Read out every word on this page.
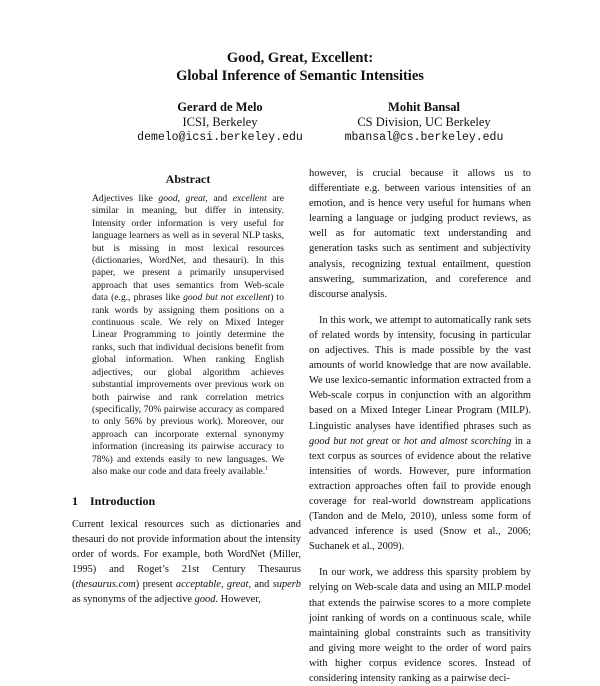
Good, Great, Excellent:
Global Inference of Semantic Intensities
Gerard de Melo
ICSI, Berkeley
demelo@icsi.berkeley.edu
Mohit Bansal
CS Division, UC Berkeley
mbansal@cs.berkeley.edu
Abstract
Adjectives like good, great, and excellent are similar in meaning, but differ in intensity. Intensity order information is very useful for language learners as well as in several NLP tasks, but is missing in most lexical resources (dictionaries, WordNet, and thesauri). In this paper, we present a primarily unsupervised approach that uses semantics from Web-scale data (e.g., phrases like good but not excellent) to rank words by assigning them positions on a continuous scale. We rely on Mixed Integer Linear Programming to jointly determine the ranks, such that individual decisions benefit from global information. When ranking English adjectives, our global algorithm achieves substantial improvements over previous work on both pairwise and rank correlation metrics (specifically, 70% pairwise accuracy as compared to only 56% by previous work). Moreover, our approach can incorporate external synonymy information (increasing its pairwise accuracy to 78%) and extends easily to new languages. We also make our code and data freely available.$^1$
1 Introduction
Current lexical resources such as dictionaries and thesauri do not provide information about the intensity order of words. For example, both WordNet (Miller, 1995) and Roget’s 21st Century Thesaurus (thesaurus.com) present acceptable, great, and superb as synonyms of the adjective good. However,

however, is crucial because it allows us to differentiate e.g. between various intensities of an emotion, and is hence very useful for humans when learning a language or judging product reviews, as well as for automatic text understanding and generation tasks such as sentiment and subjectivity analysis, recognizing textual entailment, question answering, summarization, and coreference and discourse analysis.

In this work, we attempt to automatically rank sets of related words by intensity, focusing in particular on adjectives. This is made possible by the vast amounts of world knowledge that are now available. We use lexico-semantic information extracted from a Web-scale corpus in conjunction with an algorithm based on a Mixed Integer Linear Program (MILP). Linguistic analyses have identified phrases such as good but not great or hot and almost scorching in a text corpus as sources of evidence about the relative intensities of words. However, pure information extraction approaches often fail to provide enough coverage for real-world downstream applications (Tandon and de Melo, 2010), unless some form of advanced inference is used (Snow et al., 2006; Suchanek et al., 2009).

In our work, we address this sparsity problem by relying on Web-scale data and using an MILP model that extends the pairwise scores to a more complete joint ranking of words on a continuous scale, while maintaining global constraints such as transitivity and giving more weight to the order of word pairs with higher corpus evidence scores. Instead of considering intensity ranking as a pairwise deci-
